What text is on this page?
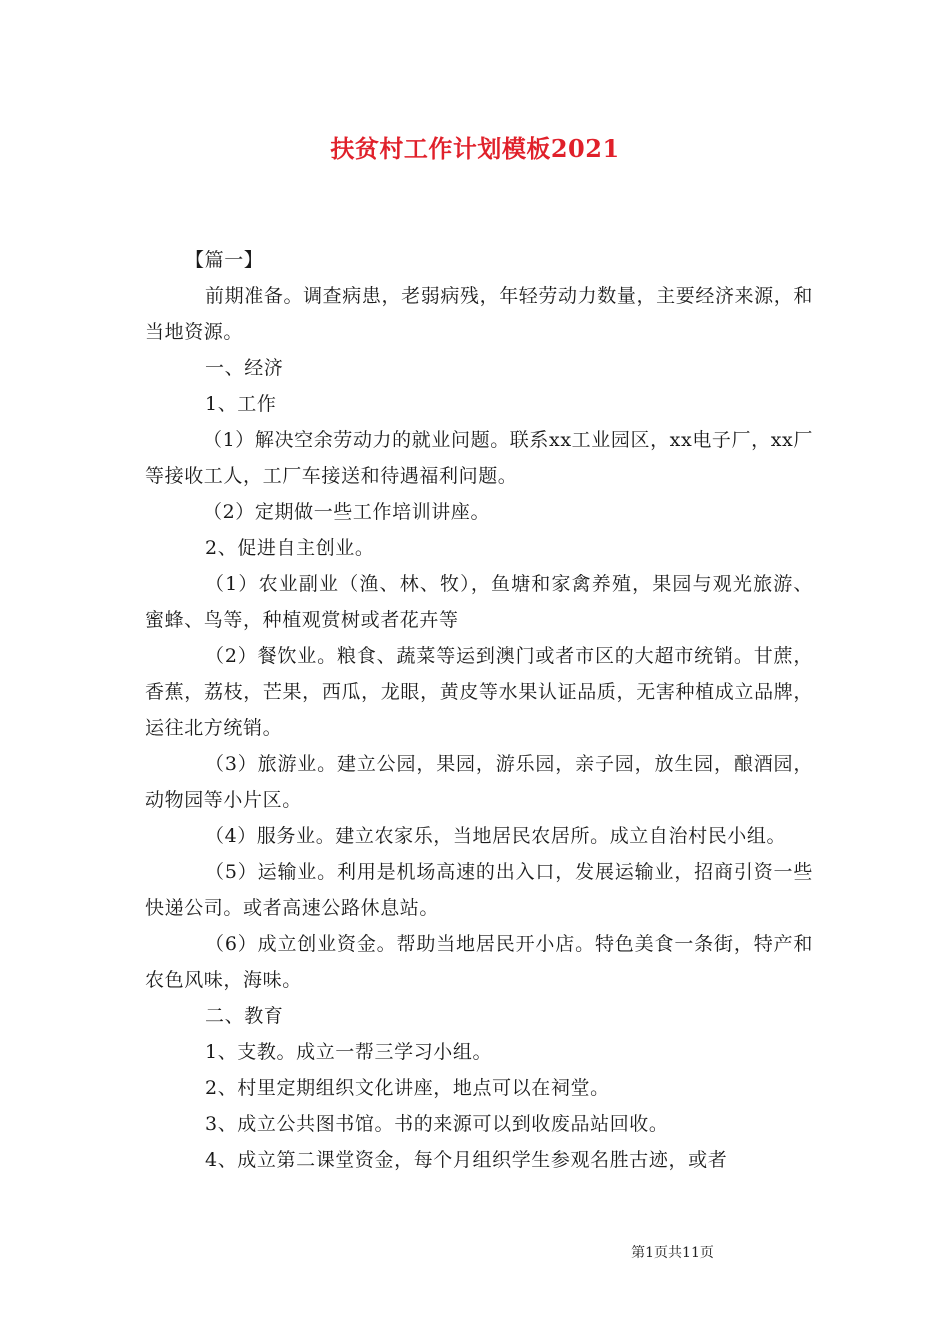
扶贫村工作计划模板2021

【篇一】

前期准备。调查病患，老弱病残，年轻劳动力数量，主要经济来源，和当地资源。

一、经济

1、工作

（1）解决空余劳动力的就业问题。联系xx工业园区，xx电子厂，xx厂等接收工人，工厂车接送和待遇福利问题。

（2）定期做一些工作培训讲座。

2、促进自主创业。

（1）农业副业（渔、林、牧），鱼塘和家禽养殖，果园与观光旅游、蜜蜂、鸟等，种植观赏树或者花卉等

（2）餐饮业。粮食、蔬菜等运到澳门或者市区的大超市统销。甘蔗，香蕉，荔枝，芒果，西瓜，龙眼，黄皮等水果认证品质，无害种植成立品牌，运往北方统销。

（3）旅游业。建立公园，果园，游乐园，亲子园，放生园，酿酒园，动物园等小片区。

（4）服务业。建立农家乐，当地居民农居所。成立自治村民小组。

（5）运输业。利用是机场高速的出入口，发展运输业，招商引资一些快递公司。或者高速公路休息站。

（6）成立创业资金。帮助当地居民开小店。特色美食一条街，特产和农色风味，海味。

二、教育

1、支教。成立一帮三学习小组。

2、村里定期组织文化讲座，地点可以在祠堂。

3、成立公共图书馆。书的来源可以到收废品站回收。

4、成立第二课堂资金，每个月组织学生参观名胜古迹，或者

第1页共11页
